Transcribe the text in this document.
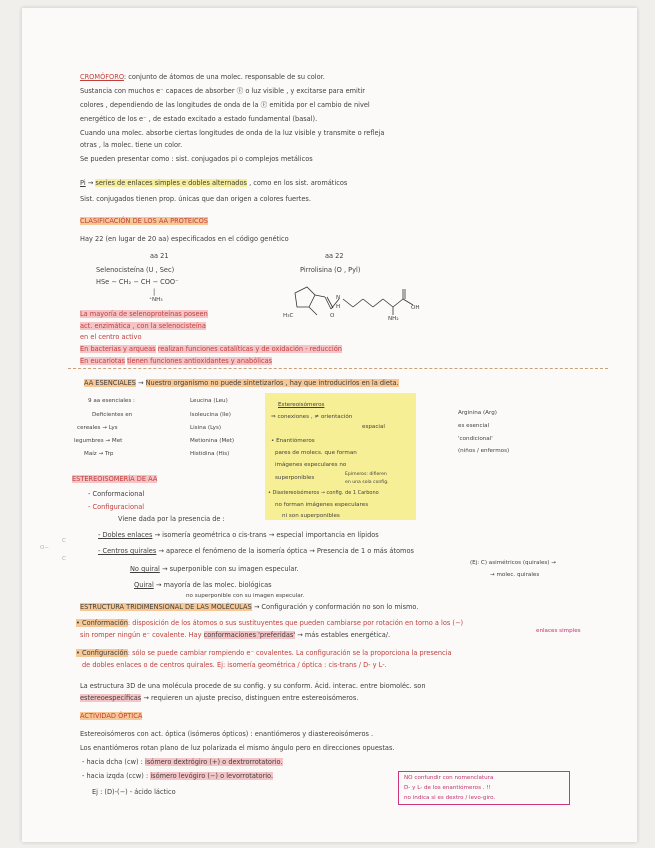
CROMÓFORO: conjunto de átomos de una molec. responsable de su color.
Sustancia con muchos e⁻ capaces de absorber Ⓔ o luz visible , y excitarse para emitir
colores , dependiendo de las longitudes de onda de la Ⓔ emitida por el cambio de nivel
energético de los e⁻ , de estado excitado a estado fundamental (basal).
Cuando una molec. absorbe ciertas longitudes de onda de la luz visible y transmite o refleja
otras , la molec. tiene un color.
Se pueden presentar como : sist. conjugados pi o complejos metálicos
Pi → series de enlaces simples e dobles alternados , como en los sist. aromáticos
Sist. conjugados tienen prop. únicas que dan origen a colores fuertes.
CLASIFICACIÓN DE LOS AA PROTEICOS
Hay 22 (en lugar de 20 aa) especificados en el código genético
aa 21	aa 22
Selenocisteína (U , Sec)
HSe − CH₂ − CH − COO⁻
|
⁺NH₃
Pirrolisina (O , Pyl)
H₃C	O
N
H	OH
NH₂
La mayoría de selenoproteínas poseen
act. enzimática , con la selenocisteína
en el centro activo
En bacterias y arqueas realizan funciones catalíticas y de oxidación - reducción
En eucariotas tienen funciones antioxidantes y anabólicas
AA ESENCIALES → Nuestro organismo no puede sintetizarlos , hay que introducirlos en la dieta.
9 aa esenciales :
Deficientes en
cereales → Lys
legumbres → Met
Maíz → Trp
Leucina (Leu)
Isoleucina (Ile)
Lisina (Lys)
Metionina (Met)
Histidina (His)
Arginina (Arg)
es esencial
'condicional'
(niños / enfermos)
Estereoisómeros
⇒ conexiones , ≠ orientación
espacial
• Enantiómeros
pares de molecs. que forman
imágenes especulares no
superponibles
Epímeros: difieren
en una sola config.
• Diastereoisómeros → config. de 1 Carbono
no forman imágenes especulares
ni son superponibles
ESTEREOISOMERÍA DE AA
- Conformacional
- Configuracional
Viene dada por la presencia de :
- Dobles enlaces → isomería geométrica o cis-trans → especial importancia en lípidos
- Centros quirales → aparece el fenómeno de la isomería óptica → Presencia de 1 o más átomos
(Ej: C) asimétricos (quirales) →
No quiral → superponible con su imagen especular.
→ molec. quirales
Quiral → mayoría de las molec. biológicas
no superponible con su imagen especular.
O−
C
C
ESTRUCTURA TRIDIMENSIONAL DE LAS MOLÉCULAS → Configuración y conformación no son lo mismo.
• Conformación: disposición de los átomos o sus sustituyentes que pueden cambiarse por rotación en torno a los (−)
enlaces simples
sin romper ningún e⁻ covalente. Hay conformaciones 'preferidas' → más estables energética/.
• Configuración: sólo se puede cambiar rompiendo e⁻ covalentes. La configuración se la proporciona la presencia
de dobles enlaces o de centros quirales. Ej: isomería geométrica / óptica : cis-trans / D- y L-.
La estructura 3D de una molécula procede de su config. y su conform. Ácid. interac. entre biomoléc. son
estereoespecíficas → requieren un ajuste preciso, distinguen entre estereoisómeros.
ACTIVIDAD ÓPTICA
Estereoisómeros con act. óptica (isómeros ópticos) : enantiómeros y diastereoisómeros .
Los enantiómeros rotan plano de luz polarizada el mismo ángulo pero en direcciones opuestas.
- hacia dcha (cw) : isómero dextrógiro (+) o dextrorrotatorio.
- hacia izqda (ccw) : isómero levógiro (−) o levorrotatorio.
Ej : (D)-(−) - ácido láctico
NO confundir con nomenclatura
D- y L- de los enantiómeros . !!
no indica si es dextro / levo-giro.
